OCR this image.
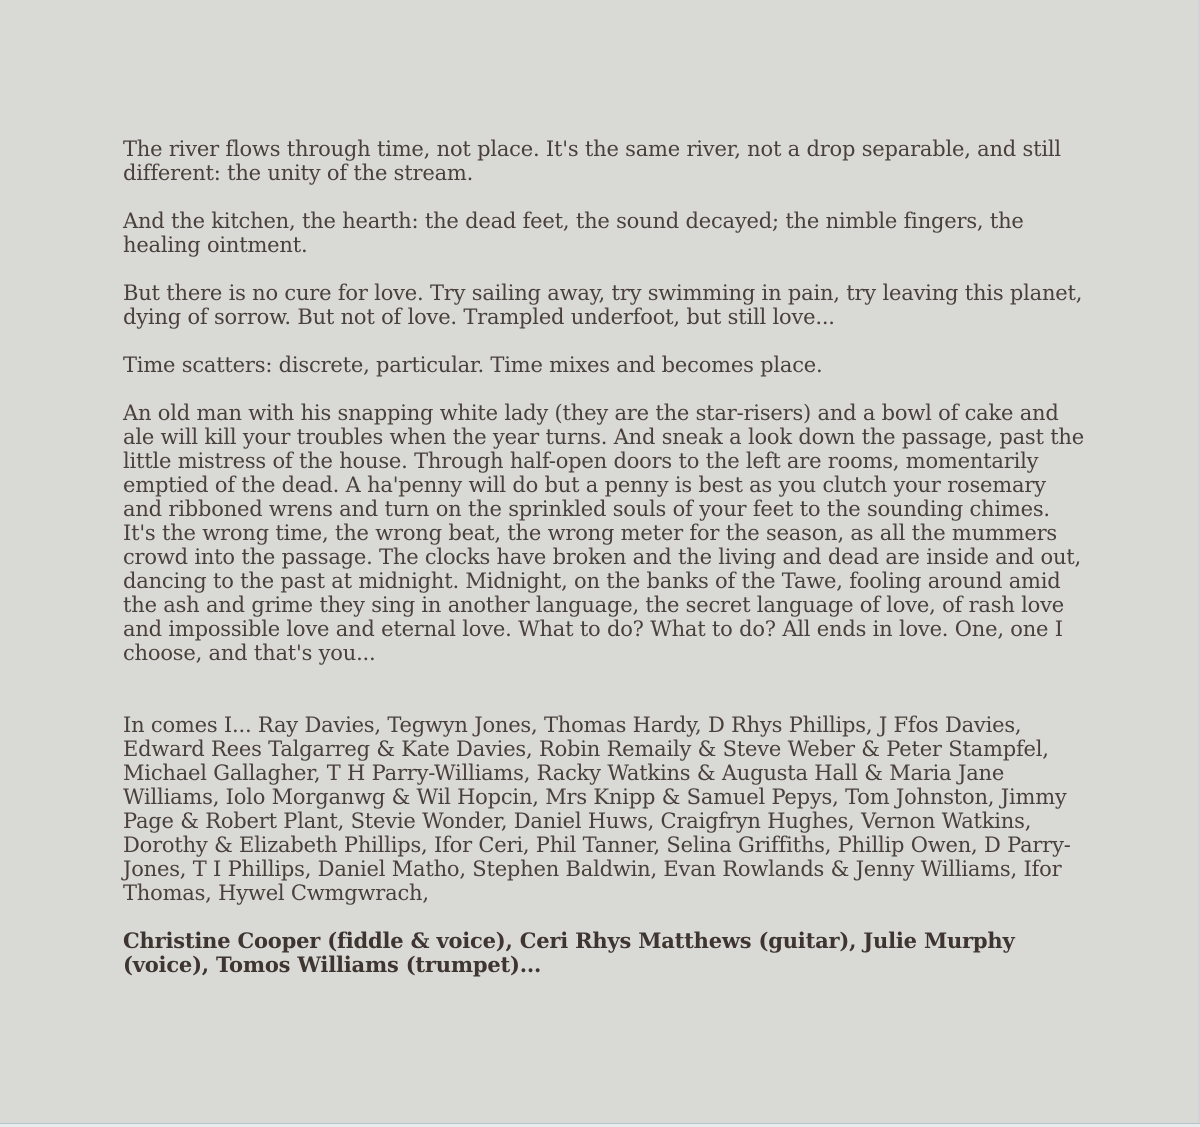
The river flows through time, not place. It's the same river, not a drop separable, and still different: the unity of the stream.

And the kitchen, the hearth: the dead feet, the sound decayed; the nimble fingers, the healing ointment.

But there is no cure for love. Try sailing away, try swimming in pain, try leaving this planet, dying of sorrow. But not of love. Trampled underfoot, but still love...

Time scatters: discrete, particular. Time mixes and becomes place.

An old man with his snapping white lady (they are the star-risers) and a bowl of cake and ale will kill your troubles when the year turns. And sneak a look down the passage, past the little mistress of the house. Through half-open doors to the left are rooms, momentarily emptied of the dead. A ha'penny will do but a penny is best as you clutch your rosemary and ribboned wrens and turn on the sprinkled souls of your feet to the sounding chimes. It's the wrong time, the wrong beat, the wrong meter for the season, as all the mummers crowd into the passage. The clocks have broken and the living and dead are inside and out, dancing to the past at midnight. Midnight, on the banks of the Tawe, fooling around amid the ash and grime they sing in another language, the secret language of love, of rash love and impossible love and eternal love. What to do? What to do? All ends in love. One, one I choose, and that's you...

In comes I... Ray Davies, Tegwyn Jones, Thomas Hardy, D Rhys Phillips, J Ffos Davies, Edward Rees Talgarreg & Kate Davies, Robin Remaily & Steve Weber & Peter Stampfel, Michael Gallagher, T H Parry-Williams, Racky Watkins & Augusta Hall & Maria Jane Williams, Iolo Morganwg & Wil Hopcin, Mrs Knipp & Samuel Pepys, Tom Johnston, Jimmy Page & Robert Plant, Stevie Wonder, Daniel Huws, Craigfryn Hughes, Vernon Watkins, Dorothy & Elizabeth Phillips, Ifor Ceri, Phil Tanner, Selina Griffiths, Phillip Owen, D Parry-Jones, T I Phillips, Daniel Matho, Stephen Baldwin, Evan Rowlands & Jenny Williams, Ifor Thomas, Hywel Cwmgwrach,

Christine Cooper (fiddle & voice), Ceri Rhys Matthews (guitar), Julie Murphy (voice), Tomos Williams (trumpet)...
